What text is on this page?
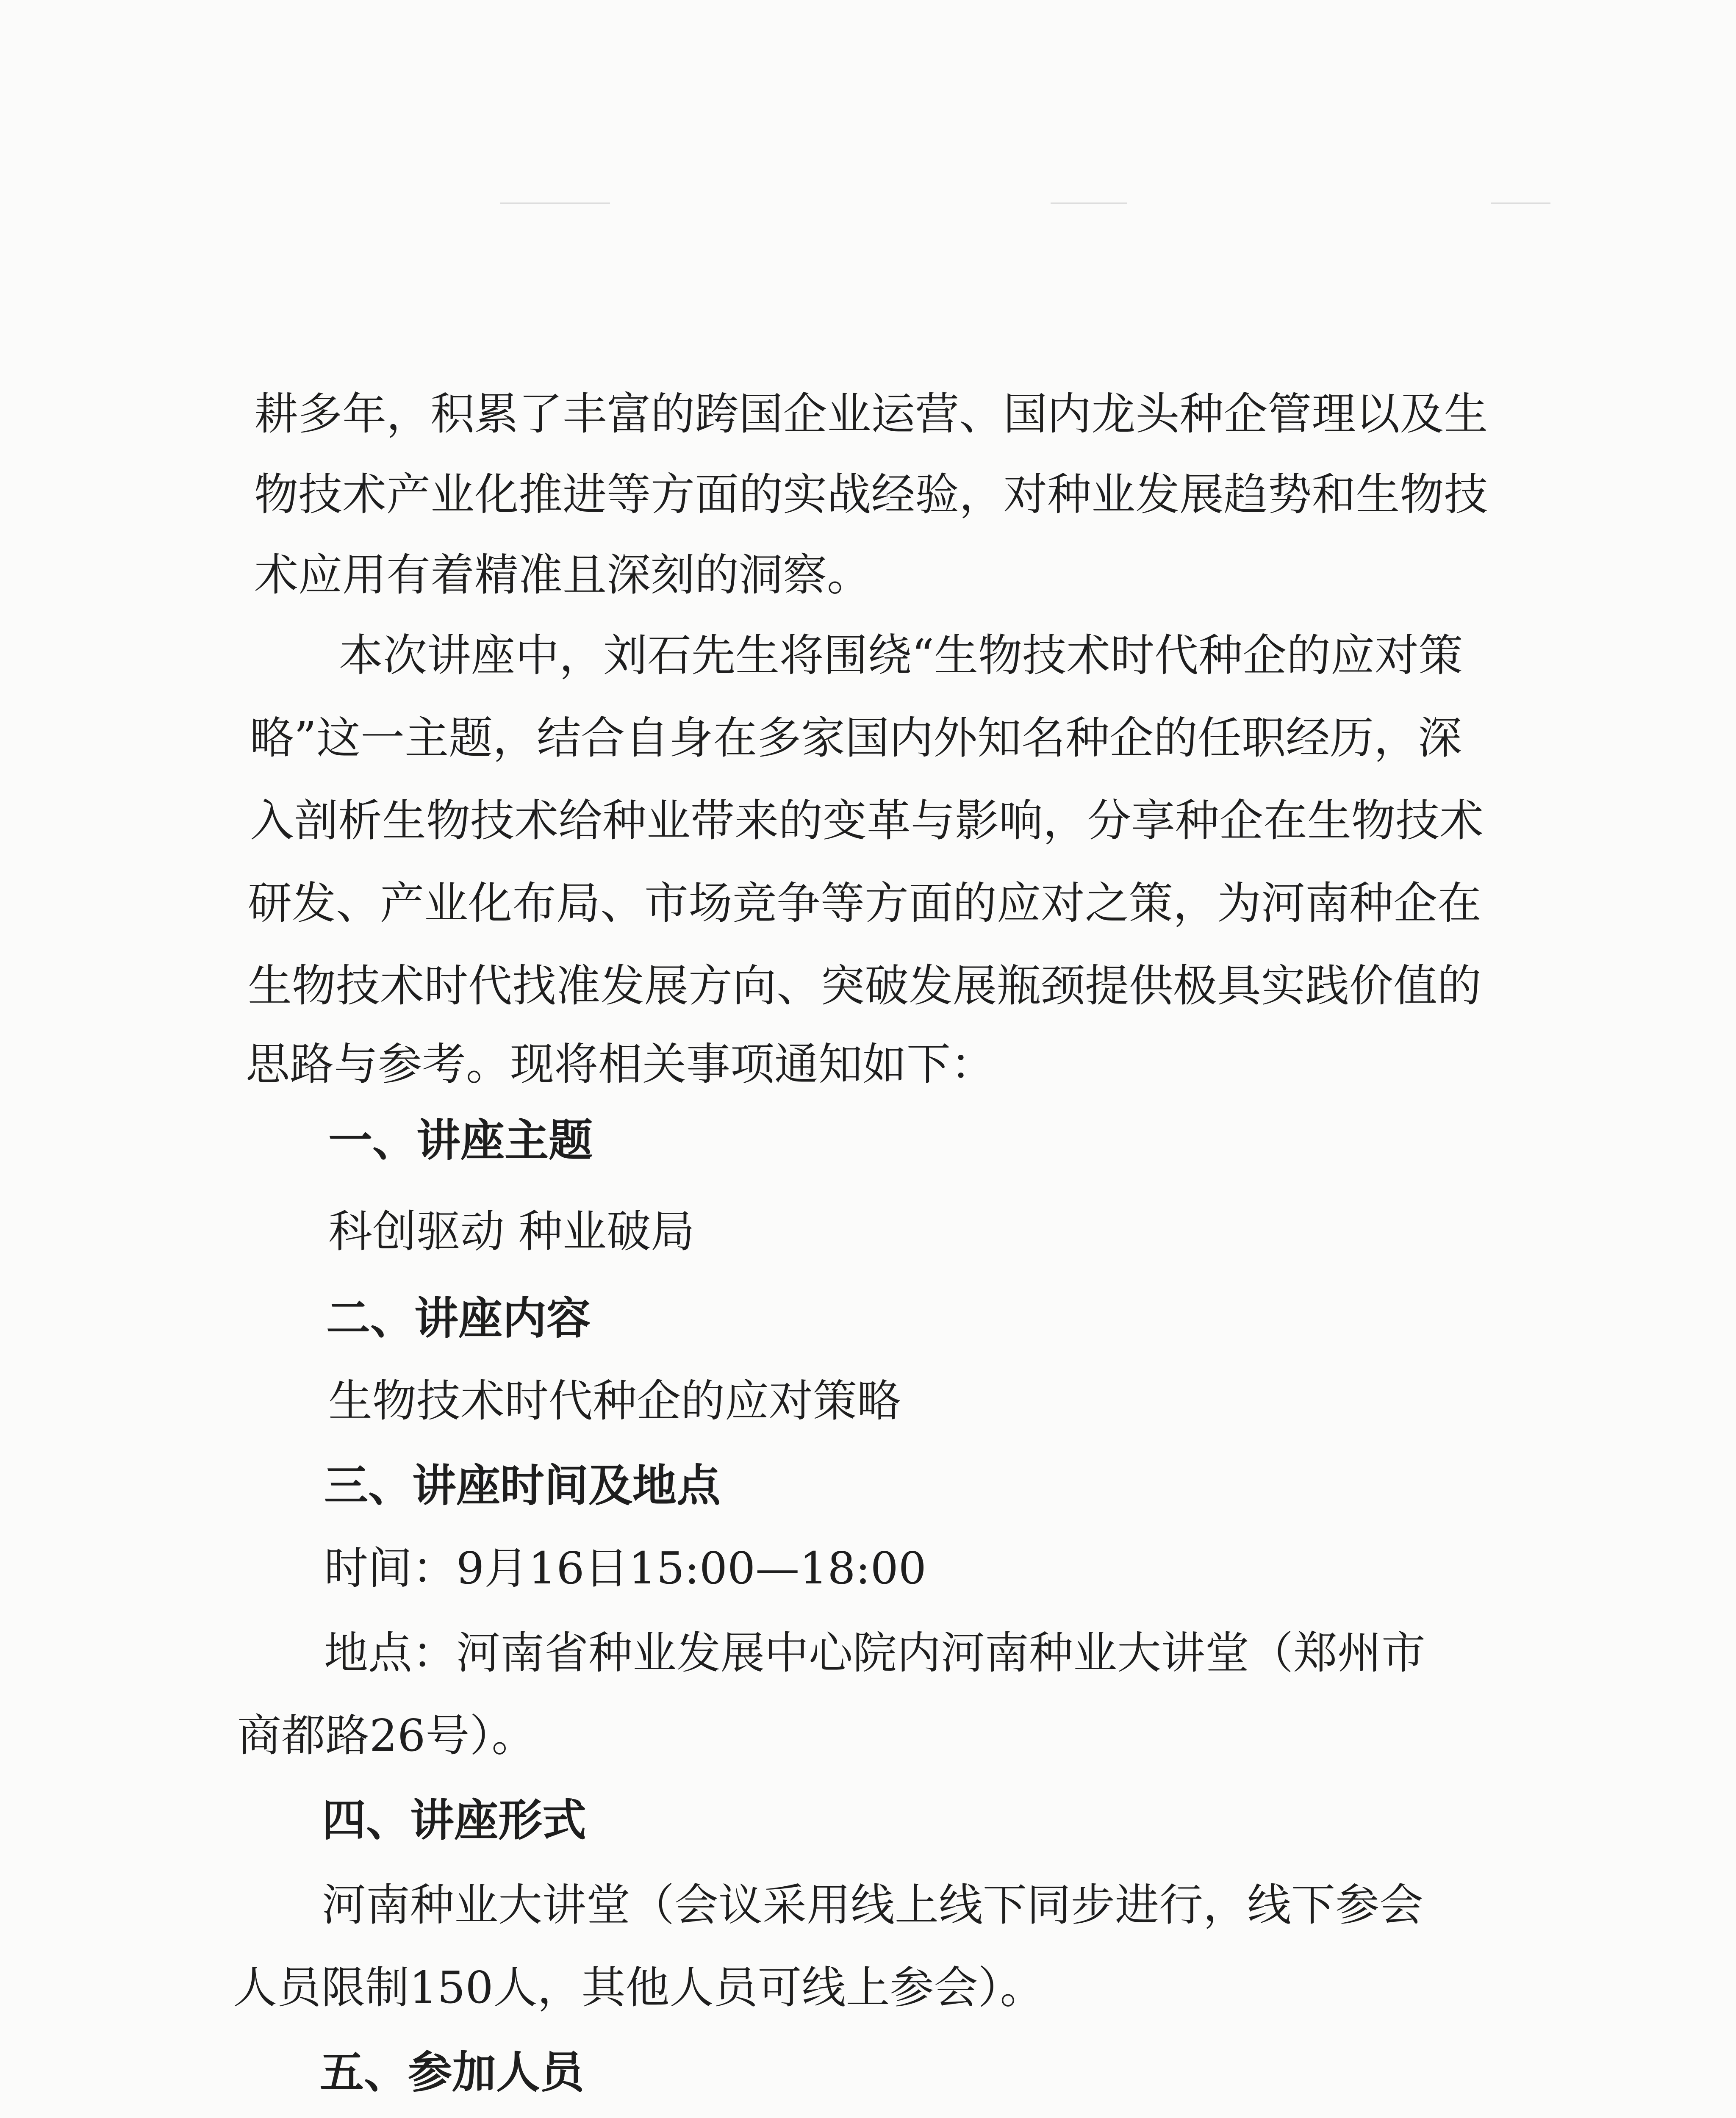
耕 多 年 ， 积 累 了 丰 富 的 跨 国 企 业 运 营 、 国 内 龙 头 种 企 管 理 以 及 生
物 技 术 产 业 化 推 进 等 方 面 的 实 战 经 验 ， 对 种 业 发 展 趋 势 和 生 物 技
术应用有着精准且深刻的洞察。
本次讲座中，刘石先生将围绕“生物技术时代种企的应对策
略”这一主题，结合自身在多家国内外知名种企的任职经历，深
入剖析生物技术给种业带来的变革与影响，分享种企在生物技术
研发、产业化布局、市场竞争等方面的应对之策，为河南种企在
生物技术时代找准发展方向、突破发展瓶颈提供极具实践价值的
思路与参考。现将相关事项通知如下：
一、讲座主题
科创驱动 种业破局
二、讲座内容
生物技术时代种企的应对策略
三、讲座时间及地点
时间：9月16日15:00—18:00
地点：河南省种业发展中心院内河南种业大讲堂（郑州市
商都路26号）。
四、讲座形式
河南种业大讲堂（会议采用线上线下同步进行，线下参会
人员限制150人，其他人员可线上参会）。
五、参加人员
